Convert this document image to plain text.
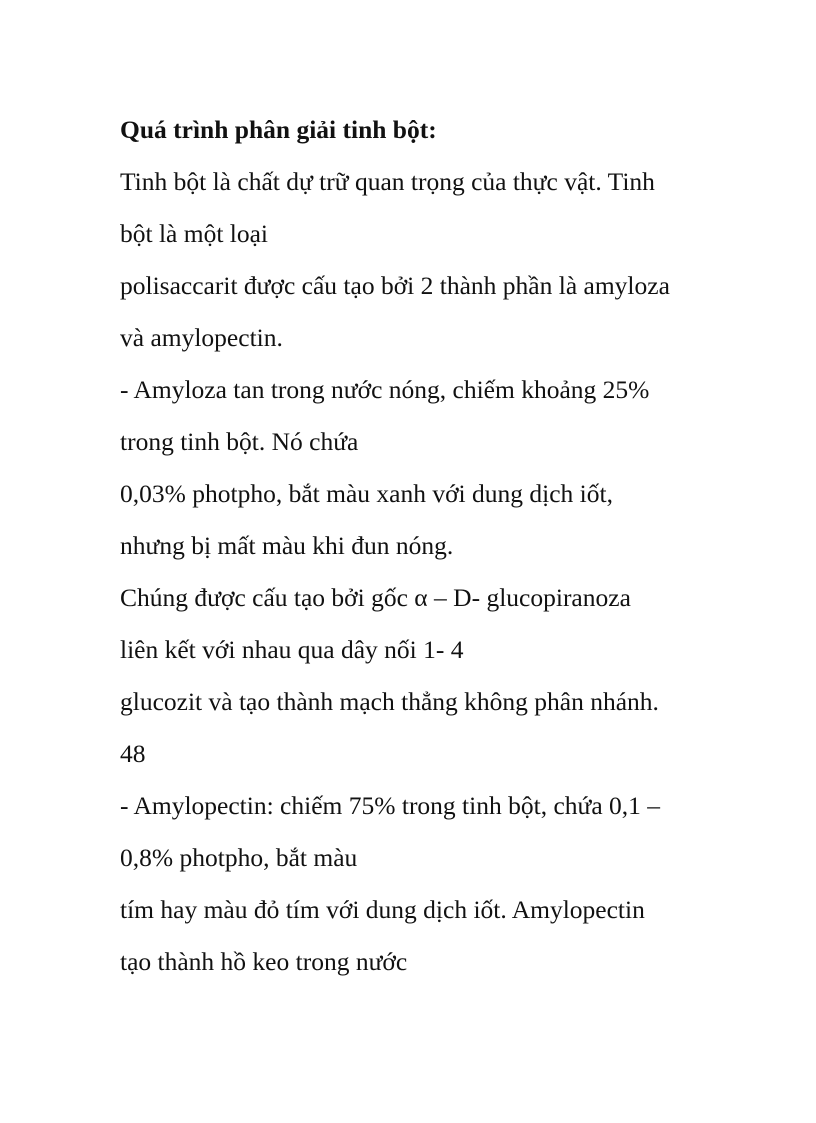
Quá trình phân giải tinh bột:

Tinh bột là chất dự trữ quan trọng của thực vật. Tinh
bột là một loại

polisaccarit được cấu tạo bởi 2 thành phần là amyloza
và amylopectin.

- Amyloza tan trong nước nóng, chiếm khoảng 25%
trong tinh bột. Nó chứa

0,03% photpho, bắt màu xanh với dung dịch iốt,
nhưng bị mất màu khi đun nóng.

Chúng được cấu tạo bởi gốc α – D- glucopiranoza
liên kết với nhau qua dây nối 1- 4

glucozit và tạo thành mạch thẳng không phân nhánh.

48

- Amylopectin: chiếm 75% trong tinh bột, chứa 0,1 –
0,8% photpho, bắt màu

tím hay màu đỏ tím với dung dịch iốt. Amylopectin
tạo thành hồ keo trong nước
